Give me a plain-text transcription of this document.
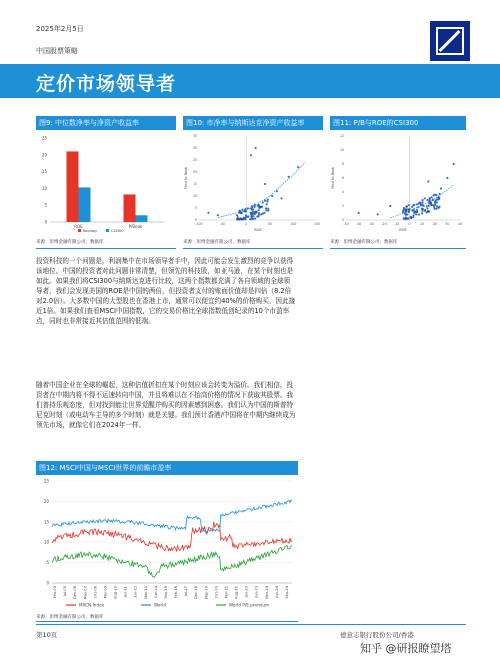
2025年2月5日
中国股票策略
定价市场领导者
图9: 中位数净率与净资产收益率
0
5
10
15
20
25
ROE	P/Book
Koolday	CSI300
来源：彭博金融有限公司，数据库
图10: 市净率与纳斯达克净资产收益率
-100	-50	0	50	100	150
0
5
10
15
20
25
30
35
ROE
Price to Book
来源：彭博金融有限公司，数据库
图11: P/B与ROE的CSI300
-50 -40 -30 -20 -10	0	10	20	30	40
0
2
4
6
8
10
12
ROE
Price to Book
来源：彭博金融有限公司，数据库
投资科技的一个问题是，利润集中在市场领导者手中，因此可能会发生激烈的竞争以获得该地位。中国的投资者对此问题非常清楚，但领先的科技股，如亚马逊，在某个时刻也是如此。如果我们将CSI300与纳斯达克进行比较，这两个指数都充满了各自领域的全球领导者，我们会发现美国的ROE是中国的两倍，但投资者支付的账面价值却是四倍（8.2倍对2.0倍）。大多数中国的大型股也在香港上市，通常可以便宜约40%的价格购买，因此接近1倍。如果我们查看MSCI中国指数，它的交易价格比全球指数低创纪录的10个市盈率点，同时也非常接近其估值范围的低端。
随着中国企业在全球的崛起，这种估值折扣在某个时刻应该会转变为溢价。我们相信，投资者在中期内将不得不运速转向中国，并且将难以在不抬高价格的情况下获取其股票。我们普持乐观态度，但对找到能让世界觉醒并购买的因素感到困惑。我们认为中国的斯普特尼克时刻（或电动车主导的多个时刻）就是关键。我们预计香港/中国将在中期内继续成为领先市场，就像它们在2024年一样。
图12: MSCI中国与MSCI世界的前瞻市盈率
0
5
10
15
20
25
Feb-05 Jul-05 Dec-06 May-07 Oct-08 Mar-09 Aug-10 Jan-11 Jun-12 Nov-13 Apr-14 Sep-15 Feb-16 Jul-17 Dec-18 May-19 Oct-20 Mar-21 Aug-22 Jan-23 Jun-23 Nov-24 Apr-24 Sep-24
MXCN Index	World	World P/E premium
来源：彭博金融有限公司，数据库
第10页	德意志银行股份公司/香港
知乎 @研报瞭望塔
